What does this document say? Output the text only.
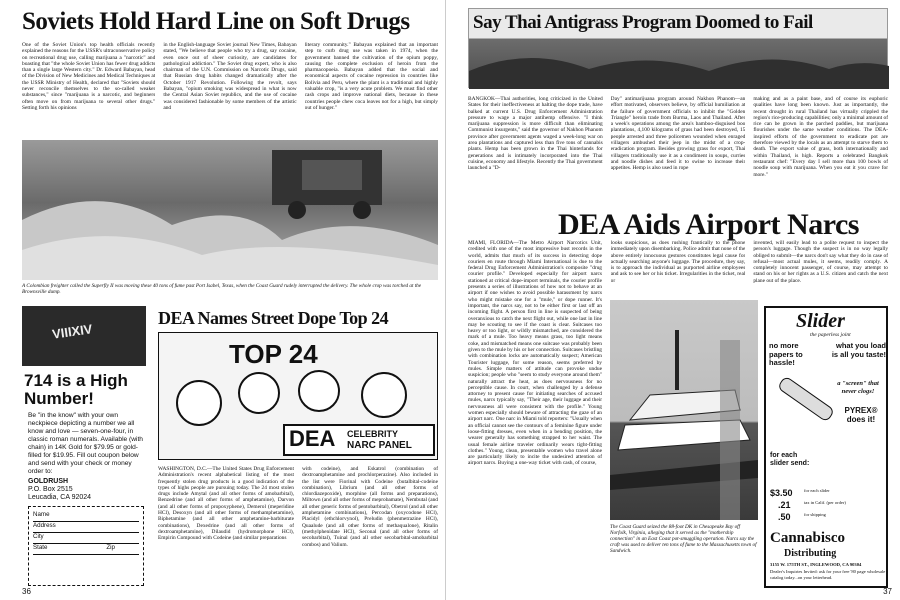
Soviets Hold Hard Line on Soft Drugs
One of the Soviet Union's top health officials recently explained the reasons for the USSR's ultraconservative policy on recreational drug use, calling marijuana a "narcotic" and boasting that "the whole Soviet Union has fewer drug addicts than a single large Western city." Dr. Edward Babayan, head of the Division of New Medicines and Medical Techniques at the USSR Ministry of Health, declared that "Soviets should never reconcile themselves to the so-called weaker substances," since "marijuana is a narcotic, and beginners often move on from marijuana to several other drugs." Setting forth his opinions
in the English-language Soviet journal New Times, Babayan stated, "We believe that people who try a drug, say cocaine, even once out of sheer curiosity, are candidates for pathological addiction." The Soviet drug expert, who is also chairman of the U.N. Commission on Narcotic Drugs, said that Russian drug habits changed dramatically after the October 1917 Revolution. Following the revolt, says Babayan, "opium smoking was widespread in what is now the Central Asian Soviet republics, and the use of cocaine was considered fashionable by some members of the artistic and
literary community." Babayan explained that an important step to curb drug use was taken in 1974, when the government banned the cultivation of the opium poppy, causing the complete exclusion of heroin from the pharmacopoeia. Babayan added that the social and economical aspects of cocaine repression in countries like Bolivia and Peru, where the plant is a traditional and highly valuable crop, "is a very acute problem. We must find other cash crops and improve national diets, because in these countries people chew coca leaves not for a high, but simply out of hunger."
A Colombian freighter called the Superfly II was moving these 40 tons of fume past Port Isabel, Texas, when the Coast Guard rudely interrupted the delivery. The whole crop was torched at the Brownsville dump.
VIIIXIV
714 is a High Number!
Be "in the know" with your own neckpiece depicting a number we all know and love — seven-one-four, in classic roman numerals. Available (with chain) in 14K Gold for $79.95 or gold-filled for $19.95. Fill out coupon below and send with your check or money order to:
GOLDRUSH
P.O. Box 2515
Leucadia, CA 92024
Name
Address
City
State	Zip
DEA Names Street Dope Top 24
TOP 24
DEA CELEBRITY
NARC PANEL
WASHINGTON, D.C.—The United States Drug Enforcement Administration's recent alphabetical listing of the most frequently stolen drug products is a good indication of the types of highs people are pursuing today. The 24 most stolen drugs include Amytal (and all other forms of amobarbital), Benzedrine (and all other forms of amphetamine), Darvon (and all other forms of propoxyphene), Demerol (meperidine HCl), Desoxyn (and all other forms of methamphetamine), Biphetamine (and all other amphetamine-barbiturate combinations), Dexedrine (and all other forms of dextroamphetamine), Dilaudid (hydromorphone HCl), Empirin Compound with Codeine (and similar preparations
with codeine), and Eskatrol (combination of dextroamphetamine and prochlorperazine). Also included in the list were Fiorinal with Codeine (butalbital-codeine combination), Librium (and all other forms of chlordiazepoxide), morphine (all forms and preparations), Miltown (and all other forms of meprobamate), Nembutal (and all other generic forms of pentobarbital), Obetrol (and all other amphetamine combinations), Percodan (oxycodone HCl), Placidyl (ethchlorvynol), Preludin (phenmetrazine HCl), Quaalude (and all other forms of methaqualone), Ritalin (methylphenidate HCl), Seconal (and all other forms of secobarbital), Tuinal (and all other secobarbital-amobarbital combos) and Valium.
36
Say Thai Antigrass Program Doomed to Fail
BANGKOK—Thai authorities, long criticized in the United States for their ineffectiveness at halting the dope trade, have balked at current U.S. Drug Enforcement Administration pressure to wage a major antihemp offensive. "I think marijuana suppression is more difficult than eliminating Communist insurgents," said the governor of Nakhon Phanom province after government agents waged a week-long war on area plantations and captured less than five tons of cannabis plants. Hemp has been grown in the Thai hinterlands for generations and is intimately incorporated into the Thai cuisine, economy and lifestyle. Recently the Thai government launched a "D-
Day" antimarijuana program around Nakhon Phanom—an effort motivated, observers believe, by official humiliation at the failure of government officials to inhibit the "Golden Triangle" heroin trade from Burma, Laos and Thailand. After a week's operations among the area's bamboo-disguised boo plantations, 4,100 kilograms of grass had been destroyed, 15 people arrested and three policemen wounded when enraged villagers ambushed their jeep in the midst of a crop-eradication program. Besides growing grass for export, Thai villagers traditionally use it as a condiment in soups, curries and noodle dishes and feed it to swine to increase their appetites. Hemp is also used in rope
making and as a paint base, and of course its euphoric qualities have long been known. Just as importantly, the recent drought in rural Thailand has virtually crippled the region's rice-producing capabilities; only a minimal amount of rice can be grown in the parched paddies, but marijuana flourishes under the same weather conditions. The DEA-inspired efforts of the government to eradicate pot are therefore viewed by the locals as an attempt to starve them to death. The export value of grass, both internationally and within Thailand, is high. Reports a celebrated Bangkok restaurant chef: "Every day I sell more than 100 bowls of noodle soup with marijuana. When you eat it you crave for more."
DEA Aids Airport Narcs
looks suspicious, as does rushing frantically to the phone immediately upon disembarking. Police admit that none of the above entirely innocuous gestures constitutes legal cause for actually searching anyone's luggage. The procedure, they say, is to approach the individual as purported airline employees and ask to see her or his ticket. Irregularities in the ticket, real or
invented, will easily lead to a polite request to inspect the person's luggage. Though the suspect is in no way legally obliged to submit—the narcs don't say what they do in case of refusal—most actual mules, it seems, readily comply. A completely innocent passenger, of course, may attempt to stand on his or her rights as a U.S. citizen and catch the next plane out of the place.
MIAMI, FLORIDA—The Metro Airport Narcotics Unit, credited with one of the most impressive bust records in the world, admits that much of its success in detecting dope couriers en route through Miami International is due to the federal Drug Enforcement Administration's composite "drug courier profile." Developed especially for airport narcs stationed at critical dope-import terminals, the courier profile presents a series of illustrations of how not to behave at an airport if one wishes to avoid possible harassment by narcs who might mistake one for a "mule," or dope runner. It's important, the narcs say, not to be either first or last off an incoming flight. A person first in line is suspected of being overanxious to catch the next flight out, while one last in line may be scouting to see if the coast is clear. Suitcases too heavy or too light, or wildly mismatched, are considered the mark of a mule. Too heavy means grass, too light means coke, and mismatched means one suitcase was probably been given to the mule by his or her connection. Suitcases bristling with combination locks are automatically suspect; American Tourister luggage, for some reason, seems preferred by mules. Simple matters of attitude can provoke undue suspicion; people who "seem to study everyone around them" naturally attract the heat, as does nervousness for no perceptible cause. In court, when challenged by a defense attorney to present cause for initiating searches of accused mules, narcs typically say, "Their age, their luggage and their nervousness all were consistent with the profile." Young women especially should beware of attracting the gaze of an airport narc. One narc in Miami told reporters: "Usually when an official cannot see the contours of a feminine figure under loose-fitting dresses, even when in a bending position, the wearer generally has something strapped to her waist. The usual female airline traveler ordinarily wears tight-fitting clothes." Young, clean, presentable women who travel alone are particularly likely to incite the undesired attention of airport narcs. Buying a one-way ticket with cash, of course,
The Coast Guard seized the 88-foot DK in Chesapeake Bay off Norfolk, Virginia, alleging that it served as the "mothership connection" in an East Coast pot-smuggling operation. Narcs say the craft was used to deliver ten tons of fume to the Massachusetts town of Sandwich.
Slider
the paperless joint
no more papers to hassle!
what you load is all you taste!
a "screen" that never clogs!
PYREX® does it!
for each slider send:
$3.50	for each slider
.21	tax in Calif. (per order)
.50	for shipping
Cannabisco
Distributing
3155 W. 175TH ST., INGLEWOOD, CA 90304
Dealer's Inquiries Invited: ask for your free '80 page wholesale catalog today...on your letterhead.
37
